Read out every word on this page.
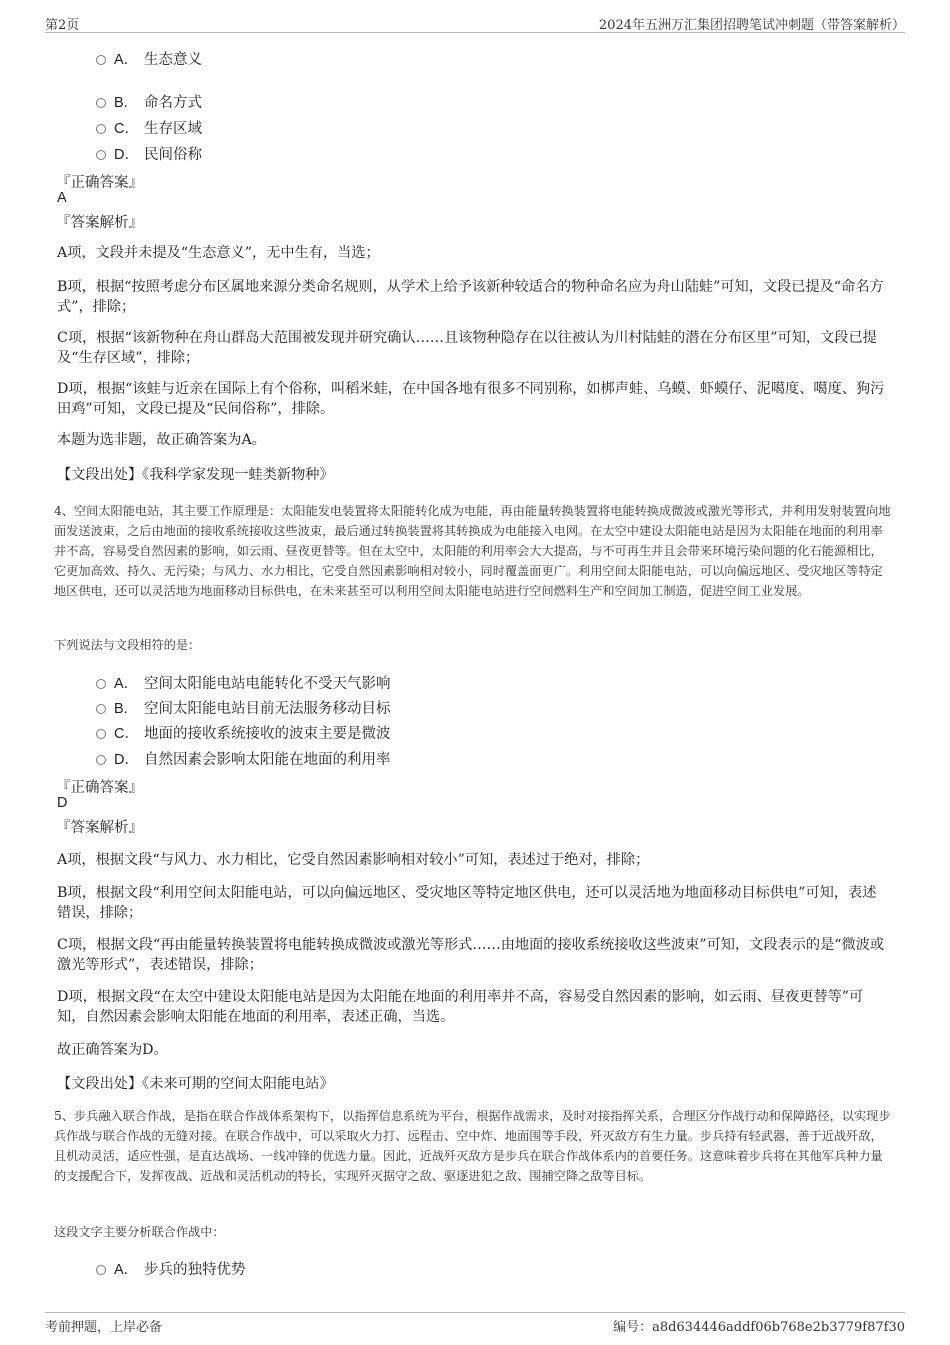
第2页	2024年五洲万汇集团招聘笔试冲刺题（带答案解析）
A． 生态意义
B. 命名方式
C． 生存区域
D． 民间俗称
『正确答案』
A
『答案解析』
A项，文段并未提及“生态意义”，无中生有，当选；
B项，根据“按照考虑分布区属地来源分类命名规则，从学术上给予该新种较适合的物种命名应为舟山陆蛙”可知，文段已提及“命名方式”，排除；
C项，根据“该新物种在舟山群岛大范围被发现并研究确认……且该物种隐存在以往被认为川村陆蛙的潜在分布区里”可知，文段已提及“生存区域”，排除；
D项，根据“该蛙与近亲在国际上有个俗称，叫稻米蛙，在中国各地有很多不同别称，如梆声蛙、乌蟆、虾蟆仔、泥噶度、噶度、狗污田鸡”可知，文段已提及“民间俗称”，排除。
本题为选非题，故正确答案为A。
【文段出处】《我科学家发现一蛙类新物种》
4、空间太阳能电站，其主要工作原理是：太阳能发电装置将太阳能转化成为电能，再由能量转换装置将电能转换成微波或激光等形式，并利用发射装置向地面发送波束，之后由地面的接收系统接收这些波束，最后通过转换装置将其转换成为电能接入电网。在太空中建设太阳能电站是因为太阳能在地面的利用率并不高，容易受自然因素的影响，如云雨、昼夜更替等。但在太空中，太阳能的利用率会大大提高，与不可再生并且会带来环境污染问题的化石能源相比，它更加高效、持久、无污染；与风力、水力相比，它受自然因素影响相对较小，同时覆盖面更广。利用空间太阳能电站，可以向偏远地区、受灾地区等特定地区供电，还可以灵活地为地面移动目标供电，在未来甚至可以利用空间太阳能电站进行空间燃料生产和空间加工制造，促进空间工业发展。
下列说法与文段相符的是：
A． 空间太阳能电站电能转化不受天气影响
B. 空间太阳能电站目前无法服务移动目标
C． 地面的接收系统接收的波束主要是微波
D． 自然因素会影响太阳能在地面的利用率
『正确答案』
D
『答案解析』
A项，根据文段“与风力、水力相比，它受自然因素影响相对较小”可知，表述过于绝对，排除；
B项，根据文段“利用空间太阳能电站，可以向偏远地区、受灾地区等特定地区供电，还可以灵活地为地面移动目标供电”可知，表述错误，排除；
C项，根据文段“再由能量转换装置将电能转换成微波或激光等形式……由地面的接收系统接收这些波束”可知，文段表示的是“微波或激光等形式”，表述错误，排除；
D项，根据文段“在太空中建设太阳能电站是因为太阳能在地面的利用率并不高，容易受自然因素的影响，如云雨、昼夜更替等”可知，自然因素会影响太阳能在地面的利用率，表述正确，当选。
故正确答案为D。
【文段出处】《未来可期的空间太阳能电站》
5、步兵融入联合作战，是指在联合作战体系架构下，以指挥信息系统为平台，根据作战需求，及时对接指挥关系，合理区分作战行动和保障路径，以实现步兵作战与联合作战的无缝对接。在联合作战中，可以采取火力打、远程击、空中炸、地面围等手段，歼灭敌方有生力量。步兵持有轻武器，善于近战歼敌，且机动灵活，适应性强，是直达战场、一线冲锋的优选力量。因此，近战歼灭敌方是步兵在联合作战体系内的首要任务。这意味着步兵将在其他军兵种力量的支援配合下，发挥夜战、近战和灵活机动的特长，实现歼灭据守之敌、驱逐进犯之敌、围捕空降之敌等目标。
这段文字主要分析联合作战中：
A． 步兵的独特优势
考前押题，上岸必备	编号：a8d634446addf06b768e2b3779f87f30
